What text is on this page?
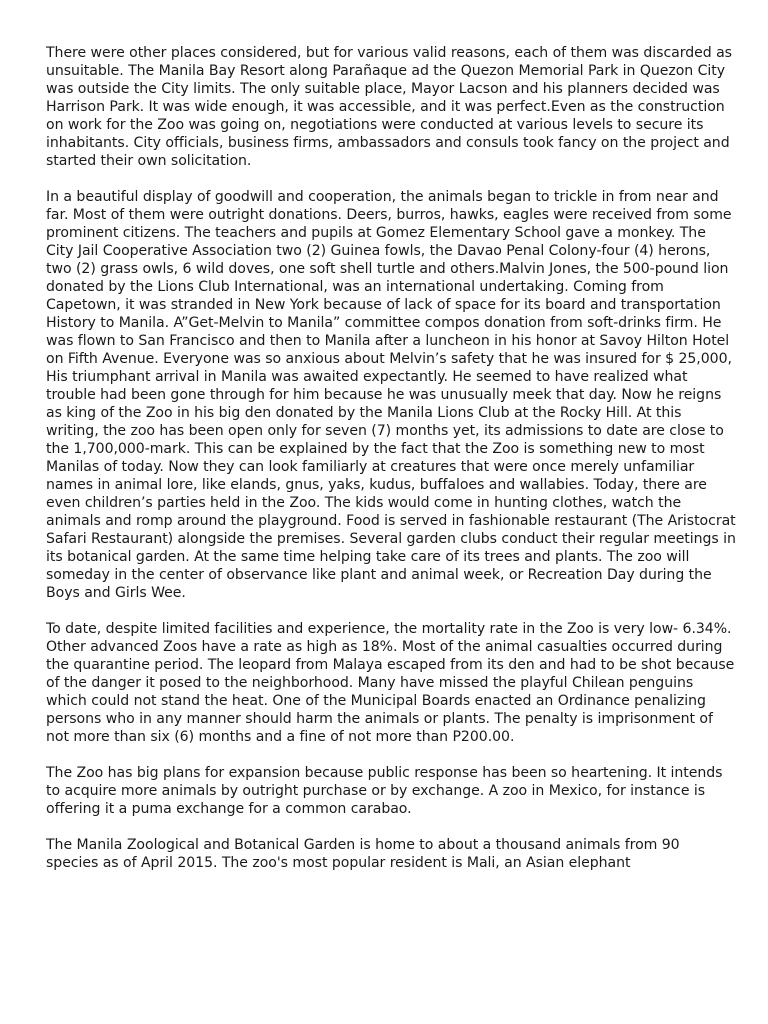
There were other places considered, but for various valid reasons, each of them was discarded as unsuitable. The Manila Bay Resort along Parañaque ad the Quezon Memorial Park in Quezon City was outside the City limits. The only suitable place, Mayor Lacson and his planners decided was Harrison Park. It was wide enough, it was accessible, and it was perfect.Even as the construction on work for the Zoo was going on, negotiations were conducted at various levels to secure its inhabitants. City officials, business firms, ambassadors and consuls took fancy on the project and started their own solicitation.

In a beautiful display of goodwill and cooperation, the animals began to trickle in from near and far. Most of them were outright donations. Deers, burros, hawks, eagles were received from some prominent citizens. The teachers and pupils at Gomez Elementary School gave a monkey. The City Jail Cooperative Association two (2) Guinea fowls, the Davao Penal Colony-four (4) herons, two (2) grass owls, 6 wild doves, one soft shell turtle and others.Malvin Jones, the 500-pound lion donated by the Lions Club International, was an international undertaking. Coming from Capetown, it was stranded in New York because of lack of space for its board and transportation History to Manila. A”Get-Melvin to Manila” committee compos donation from soft-drinks firm. He was flown to San Francisco and then to Manila after a luncheon in his honor at Savoy Hilton Hotel on Fifth Avenue. Everyone was so anxious about Melvin’s safety that he was insured for $ 25,000, His triumphant arrival in Manila was awaited expectantly. He seemed to have realized what trouble had been gone through for him because he was unusually meek that day. Now he reigns as king of the Zoo in his big den donated by the Manila Lions Club at the Rocky Hill. At this writing, the zoo has been open only for seven (7) months yet, its admissions to date are close to the 1,700,000-mark. This can be explained by the fact that the Zoo is something new to most Manilas of today. Now they can look familiarly at creatures that were once merely unfamiliar names in animal lore, like elands, gnus, yaks, kudus, buffaloes and wallabies. Today, there are even children’s parties held in the Zoo. The kids would come in hunting clothes, watch the animals and romp around the playground. Food is served in fashionable restaurant (The Aristocrat Safari Restaurant) alongside the premises. Several garden clubs conduct their regular meetings in its botanical garden. At the same time helping take care of its trees and plants. The zoo will someday in the center of observance like plant and animal week, or Recreation Day during the Boys and Girls Wee.

To date, despite limited facilities and experience, the mortality rate in the Zoo is very low- 6.34%. Other advanced Zoos have a rate as high as 18%. Most of the animal casualties occurred during the quarantine period. The leopard from Malaya escaped from its den and had to be shot because of the danger it posed to the neighborhood. Many have missed the playful Chilean penguins which could not stand the heat. One of the Municipal Boards enacted an Ordinance penalizing persons who in any manner should harm the animals or plants. The penalty is imprisonment of not more than six (6) months and a fine of not more than P200.00.

The Zoo has big plans for expansion because public response has been so heartening. It intends to acquire more animals by outright purchase or by exchange. A zoo in Mexico, for instance is offering it a puma exchange for a common carabao.

The Manila Zoological and Botanical Garden is home to about a thousand animals from 90 species as of April 2015. The zoo's most popular resident is Mali, an Asian elephant
